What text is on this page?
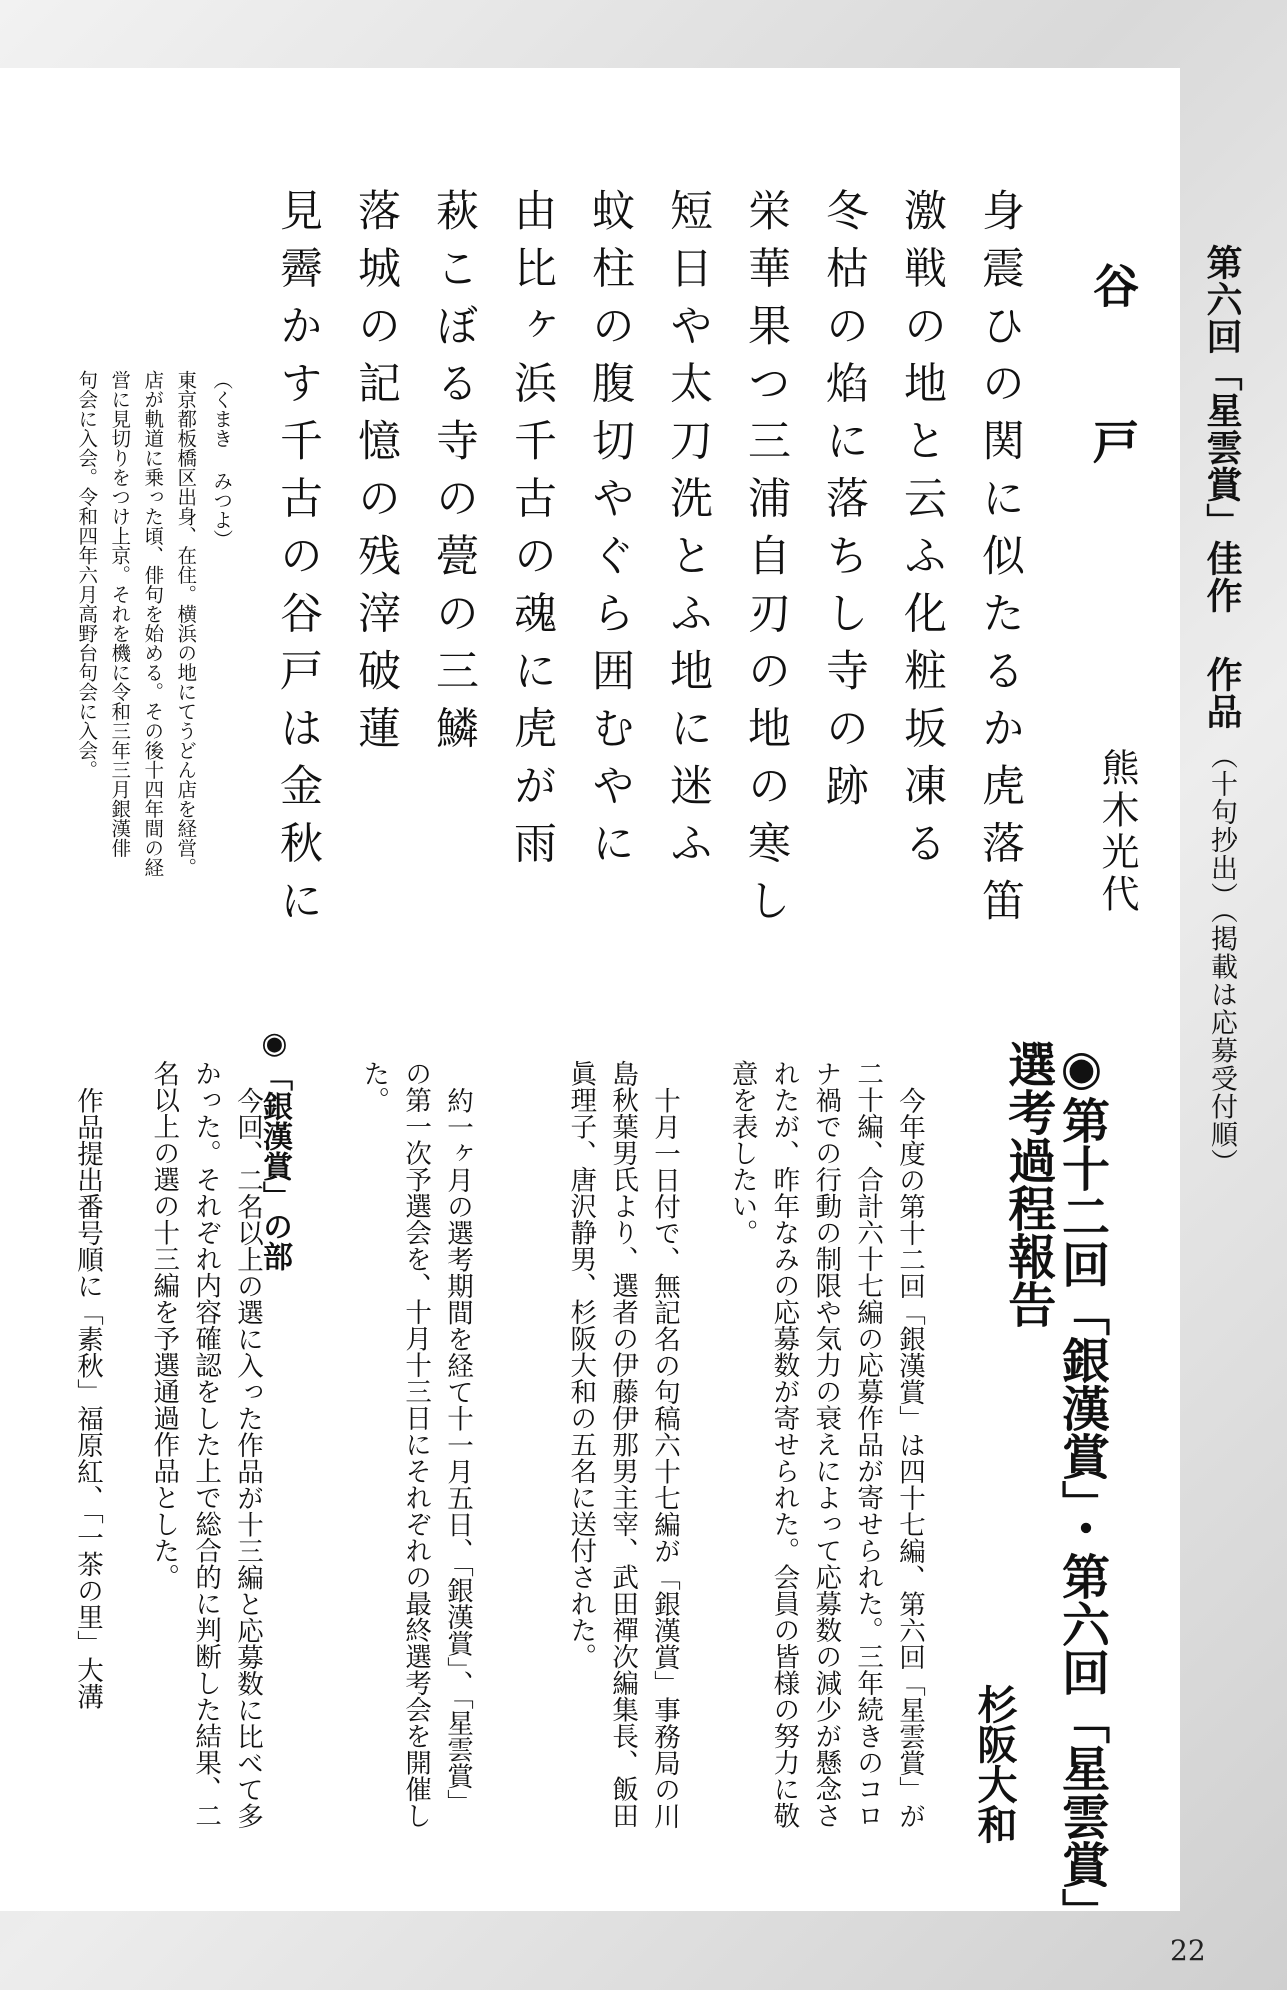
第六回「星雲賞」佳作 作品（十句抄出）（掲載は応募受付順）
谷 戸
熊木光代
身震ひの関に似たるか虎落笛
激戦の地と云ふ化粧坂凍る
冬枯の焰に落ちし寺の跡
栄華果つ三浦自刃の地の寒し
短日や太刀洗とふ地に迷ふ
蚊柱の腹切やぐら囲むやに
由比ヶ浜千古の魂に虎が雨
萩こぼる寺の甍の三鱗
落城の記憶の残滓破蓮
見霽かす千古の谷戸は金秋に
（くまき みつよ）
東京都板橋区出身、在住。横浜の地にてうどん店を経営。
店が軌道に乗った頃、俳句を始める。その後十四年間の経
営に見切りをつけ上京。それを機に令和三年三月銀漢俳
句会に入会。令和四年六月高野台句会に入会。
◉第十二回「銀漢賞」・第六回「星雲賞」
選考過程報告
杉阪大和

今年度の第十二回「銀漢賞」は四十七編、第六回「星雲賞」が二十編、合計六十七編の応募作品が寄せられた。三年続きのコロナ禍での行動の制限や気力の衰えによって応募数の減少が懸念されたが、昨年なみの応募数が寄せられた。会員の皆様の努力に敬意を表したい。

十月一日付で、無記名の句稿六十七編が「銀漢賞」事務局の川島秋葉男氏より、選者の伊藤伊那男主宰、武田禪次編集長、飯田眞理子、唐沢静男、杉阪大和の五名に送付された。

約一ヶ月の選考期間を経て十一月五日、「銀漢賞」、「星雲賞」の第一次予選会を、十月十三日にそれぞれの最終選考会を開催した。

◉「銀漢賞」の部

今回、二名以上の選に入った作品が十三編と応募数に比べて多かった。それぞれ内容確認をした上で総合的に判断した結果、二名以上の選の十三編を予選通過作品とした。

作品提出番号順に「素秋」福原紅、「一茶の里」大溝

22
